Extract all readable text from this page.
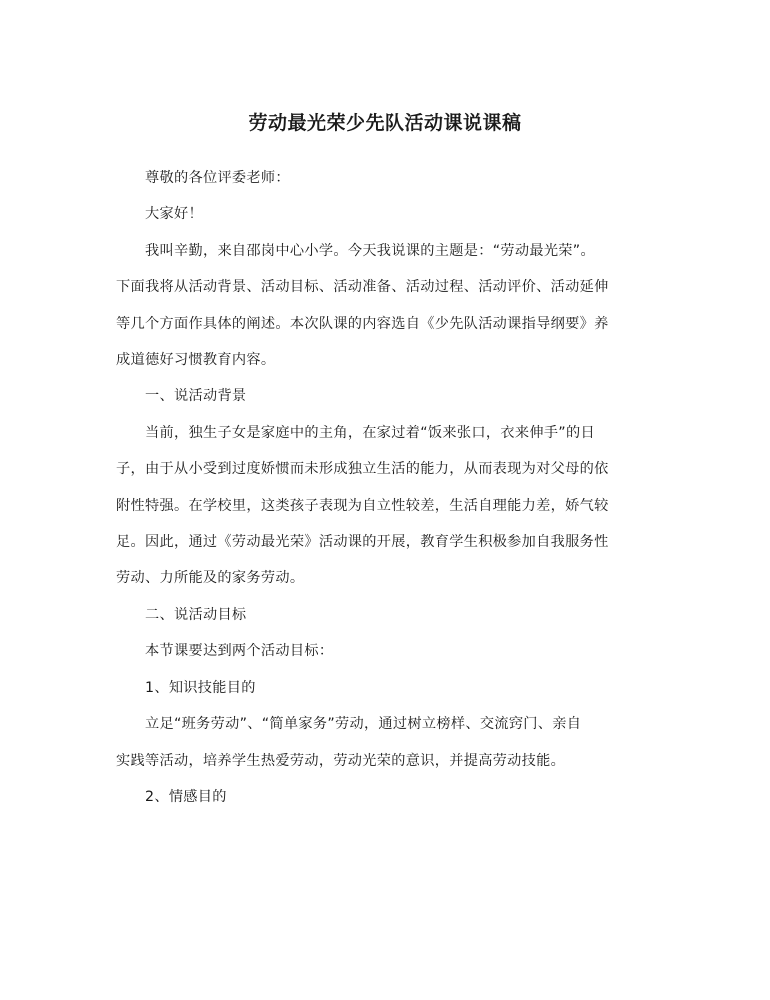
劳动最光荣少先队活动课说课稿

尊敬的各位评委老师：

大家好！

我叫辛勤，来自邵岗中心小学。今天我说课的主题是：“劳动最光荣”。
下面我将从活动背景、活动目标、活动准备、活动过程、活动评价、活动延伸
等几个方面作具体的阐述。本次队课的内容选自《少先队活动课指导纲要》养
成道德好习惯教育内容。

一、说活动背景

当前，独生子女是家庭中的主角，在家过着“饭来张口，衣来伸手”的日
子，由于从小受到过度娇惯而未形成独立生活的能力，从而表现为对父母的依
附性特强。在学校里，这类孩子表现为自立性较差，生活自理能力差，娇气较
足。因此，通过《劳动最光荣》活动课的开展，教育学生积极参加自我服务性
劳动、力所能及的家务劳动。

二、说活动目标

本节课要达到两个活动目标：

1、知识技能目的

立足“班务劳动”、“简单家务”劳动，通过树立榜样、交流窍门、亲自
实践等活动，培养学生热爱劳动，劳动光荣的意识，并提高劳动技能。

2、情感目的
